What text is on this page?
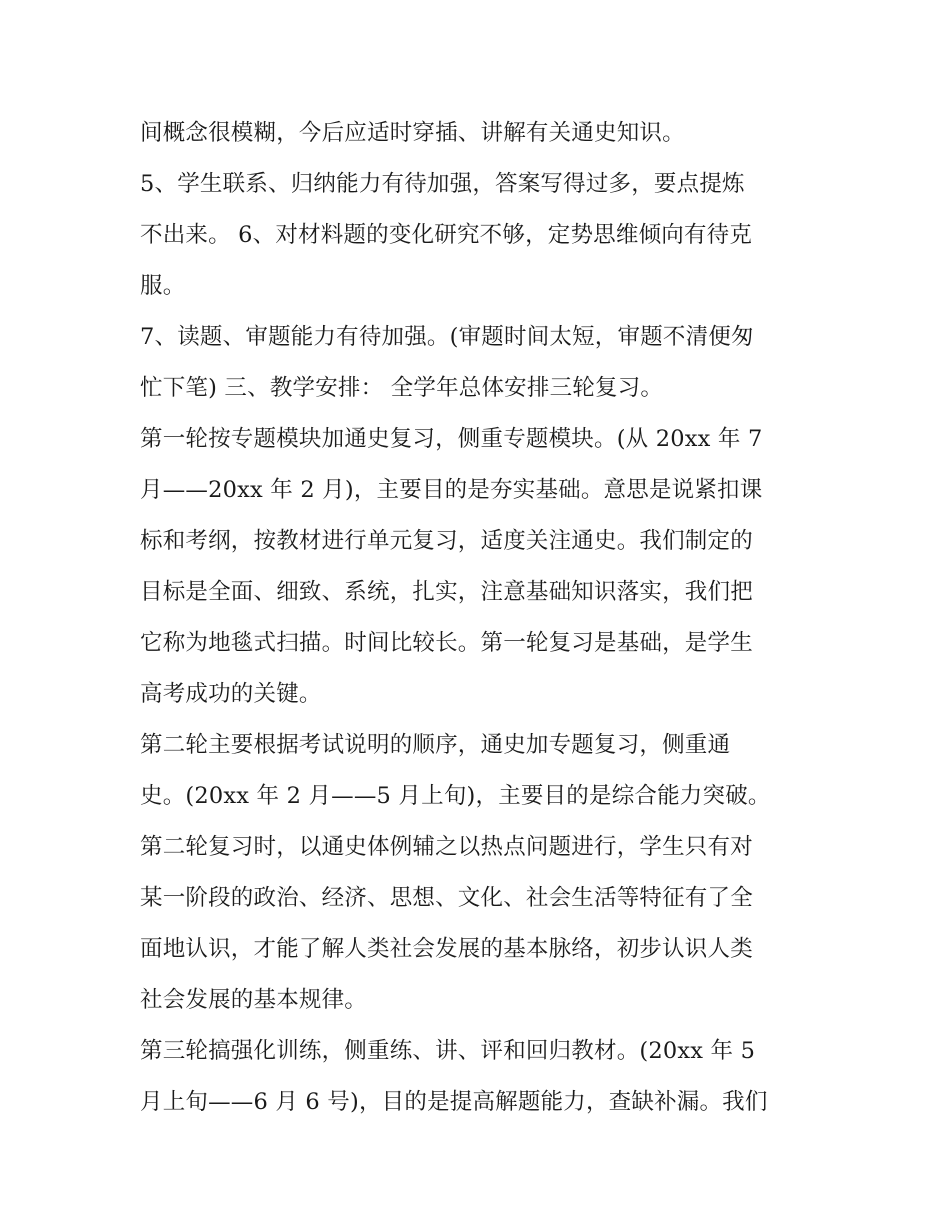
间概念很模糊，今后应适时穿插、讲解有关通史知识。
5、学生联系、归纳能力有待加强，答案写得过多，要点提炼
不出来。 6、对材料题的变化研究不够，定势思维倾向有待克
服。
7、读题、审题能力有待加强。(审题时间太短，审题不清便匆
忙下笔) 三、教学安排： 全学年总体安排三轮复习。
第一轮按专题模块加通史复习，侧重专题模块。(从 20xx 年 7
月——20xx 年 2 月)，主要目的是夯实基础。意思是说紧扣课
标和考纲，按教材进行单元复习，适度关注通史。我们制定的
目标是全面、细致、系统，扎实，注意基础知识落实，我们把
它称为地毯式扫描。时间比较长。第一轮复习是基础，是学生
高考成功的关键。
第二轮主要根据考试说明的顺序，通史加专题复习，侧重通
史。(20xx 年 2 月——5 月上旬)，主要目的是综合能力突破。
第二轮复习时，以通史体例辅之以热点问题进行，学生只有对
某一阶段的政治、经济、思想、文化、社会生活等特征有了全
面地认识，才能了解人类社会发展的基本脉络，初步认识人类
社会发展的基本规律。
第三轮搞强化训练，侧重练、讲、评和回归教材。(20xx 年 5
月上旬——6 月 6 号)，目的是提高解题能力，查缺补漏。我们
